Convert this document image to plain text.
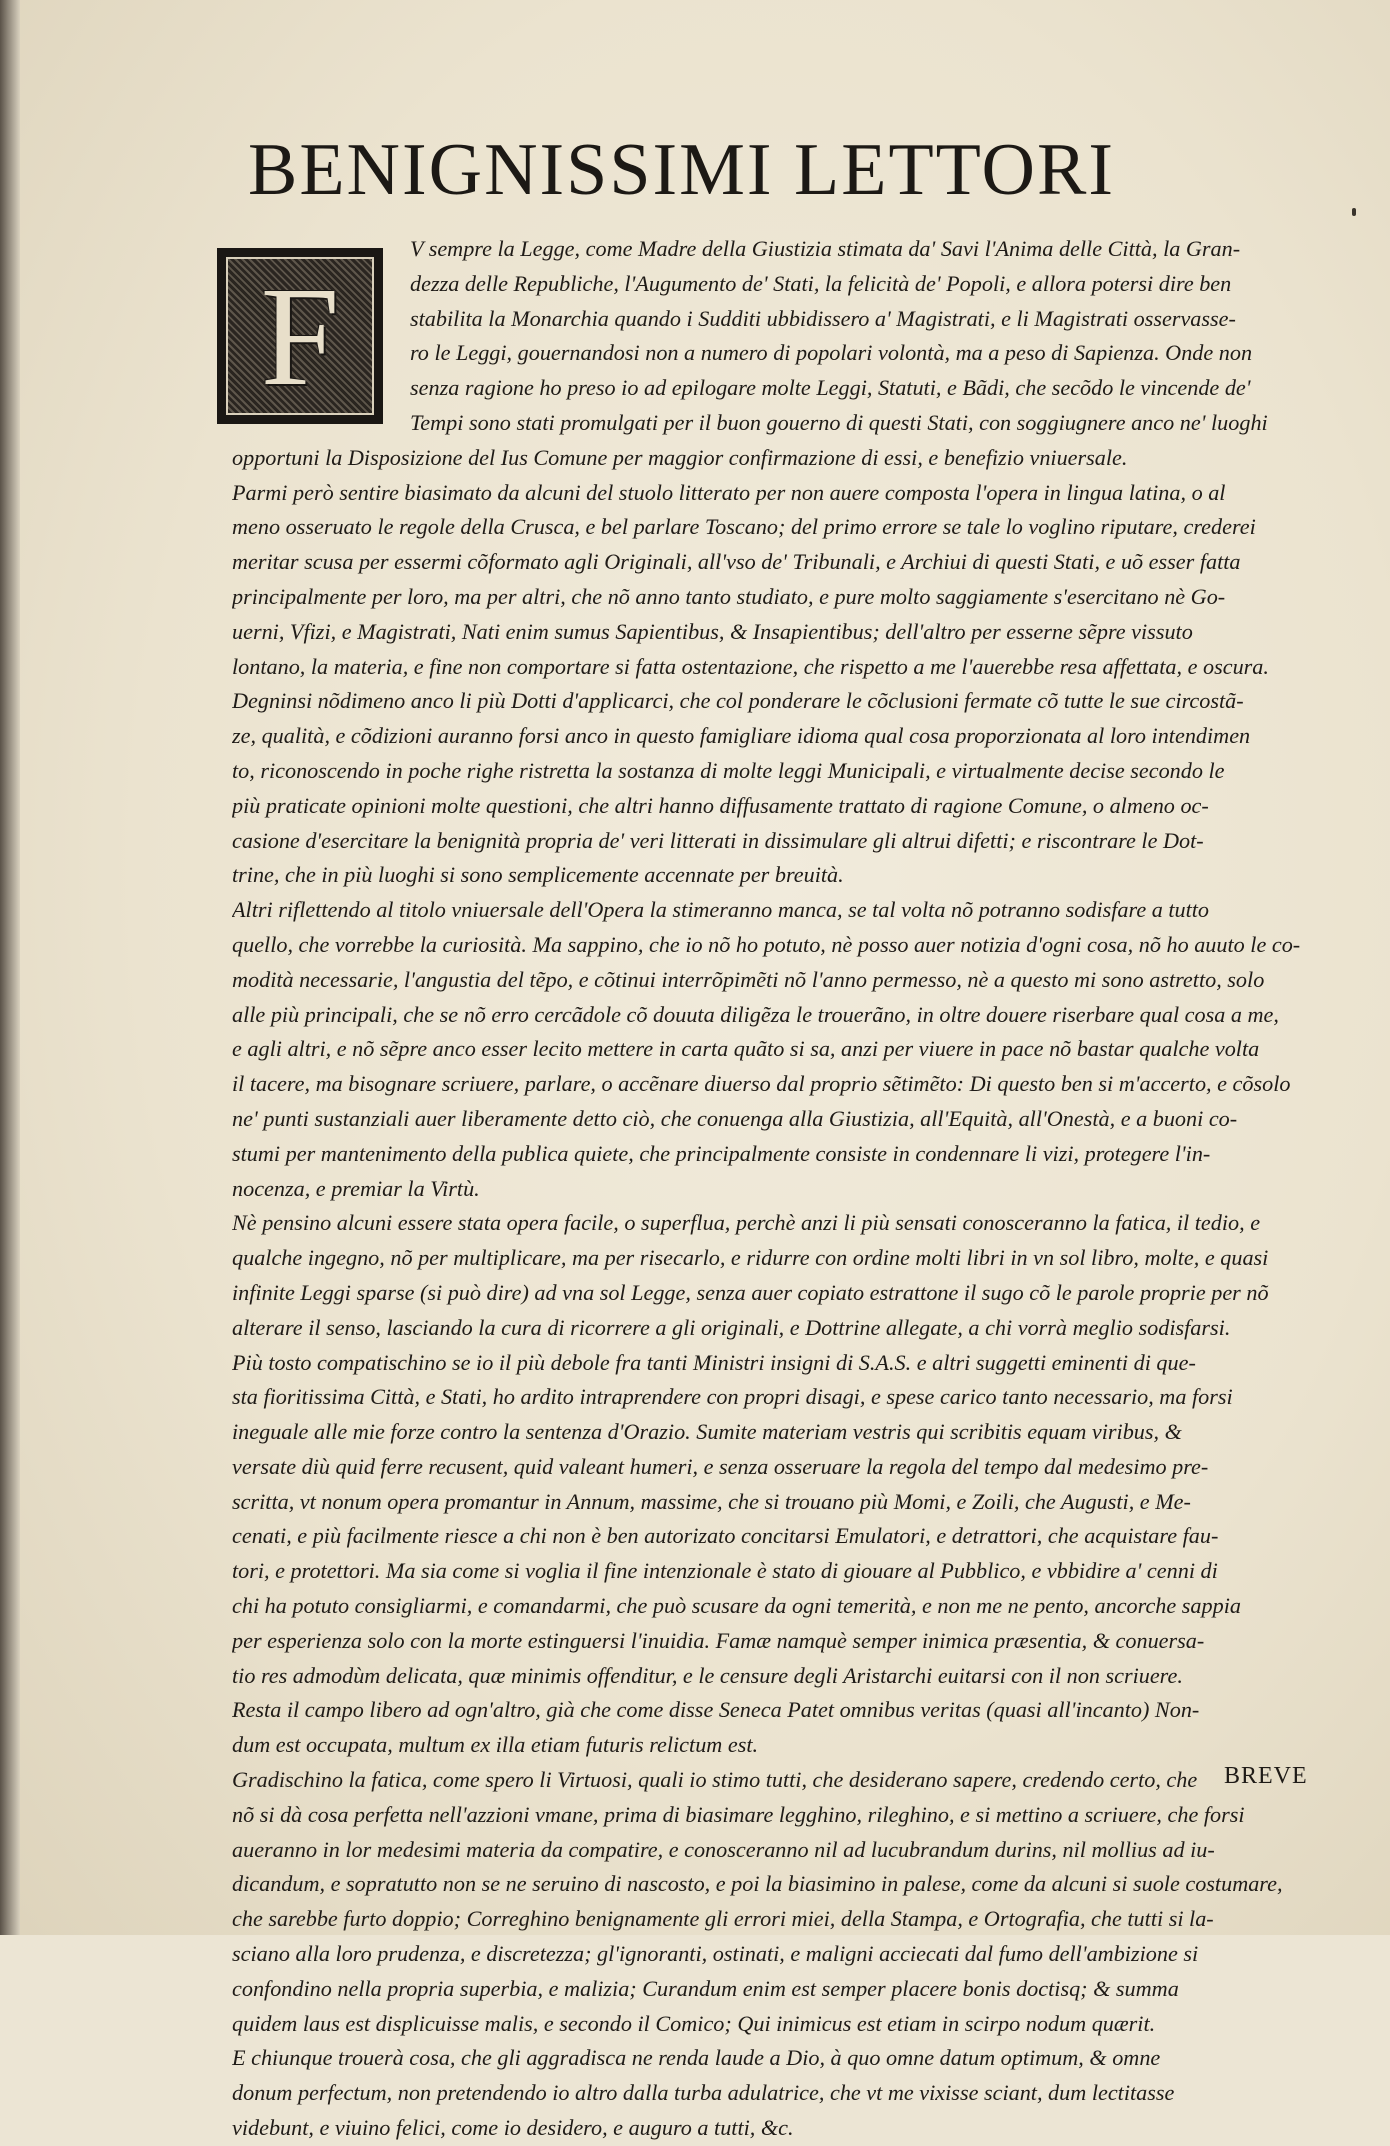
BENIGNISSIMI LETTORI
F
V sempre la Legge, come Madre della Giustizia stimata da' Savi l'Anima delle Città, la Gran-
dezza delle Republiche, l'Augumento de' Stati, la felicità de' Popoli, e allora potersi dire ben
stabilita la Monarchia quando i Sudditi ubbidissero a' Magistrati, e li Magistrati osservasse-
ro le Leggi, gouernandosi non a numero di popolari volontà, ma a peso di Sapienza. Onde non
senza ragione ho preso io ad epilogare molte Leggi, Statuti, e Bãdi, che secõdo le vincende de'
Tempi sono stati promulgati per il buon gouerno di questi Stati, con soggiugnere anco ne' luoghi
opportuni la Disposizione del Ius Comune per maggior confirmazione di essi, e benefizio vniuersale.
Parmi però sentire biasimato da alcuni del stuolo litterato per non auere composta l'opera in lingua latina, o al
meno osseruato le regole della Crusca, e bel parlare Toscano; del primo errore se tale lo voglino riputare, crederei
meritar scusa per essermi cõformato agli Originali, all'vso de' Tribunali, e Archiui di questi Stati, e uõ esser fatta
principalmente per loro, ma per altri, che nõ anno tanto studiato, e pure molto saggiamente s'esercitano nè Go-
uerni, Vfizi, e Magistrati, Nati enim sumus Sapientibus, & Insapientibus; dell'altro per esserne sẽpre vissuto
lontano, la materia, e fine non comportare si fatta ostentazione, che rispetto a me l'auerebbe resa affettata, e oscura.
Degninsi nõdimeno anco li più Dotti d'applicarci, che col ponderare le cõclusioni fermate cõ tutte le sue circostã-
ze, qualità, e cõdizioni auranno forsi anco in questo famigliare idioma qual cosa proporzionata al loro intendimen
to, riconoscendo in poche righe ristretta la sostanza di molte leggi Municipali, e virtualmente decise secondo le
più praticate opinioni molte questioni, che altri hanno diffusamente trattato di ragione Comune, o almeno oc-
casione d'esercitare la benignità propria de' veri litterati in dissimulare gli altrui difetti; e riscontrare le Dot-
trine, che in più luoghi si sono semplicemente accennate per breuità.
Altri riflettendo al titolo vniuersale dell'Opera la stimeranno manca, se tal volta nõ potranno sodisfare a tutto
quello, che vorrebbe la curiosità. Ma sappino, che io nõ ho potuto, nè posso auer notizia d'ogni cosa, nõ ho auuto le co-
modità necessarie, l'angustia del tẽpo, e cõtinui interrõpimẽti nõ l'anno permesso, nè a questo mi sono astretto, solo
alle più principali, che se nõ erro cercãdole cõ douuta diligẽza le trouerãno, in oltre douere riserbare qual cosa a me,
e agli altri, e nõ sẽpre anco esser lecito mettere in carta quãto si sa, anzi per viuere in pace nõ bastar qualche volta
il tacere, ma bisognare scriuere, parlare, o accẽnare diuerso dal proprio sẽtimẽto: Di questo ben si m'accerto, e cõsolo
ne' punti sustanziali auer liberamente detto ciò, che conuenga alla Giustizia, all'Equità, all'Onestà, e a buoni co-
stumi per mantenimento della publica quiete, che principalmente consiste in condennare li vizi, protegere l'in-
nocenza, e premiar la Virtù.
Nè pensino alcuni essere stata opera facile, o superflua, perchè anzi li più sensati conosceranno la fatica, il tedio, e
qualche ingegno, nõ per multiplicare, ma per risecarlo, e ridurre con ordine molti libri in vn sol libro, molte, e quasi
infinite Leggi sparse (si può dire) ad vna sol Legge, senza auer copiato estrattone il sugo cõ le parole proprie per nõ
alterare il senso, lasciando la cura di ricorrere a gli originali, e Dottrine allegate, a chi vorrà meglio sodisfarsi.
Più tosto compatischino se io il più debole fra tanti Ministri insigni di S.A.S. e altri suggetti eminenti di que-
sta fioritissima Città, e Stati, ho ardito intraprendere con propri disagi, e spese carico tanto necessario, ma forsi
ineguale alle mie forze contro la sentenza d'Orazio. Sumite materiam vestris qui scribitis equam viribus, &
versate diù quid ferre recusent, quid valeant humeri, e senza osseruare la regola del tempo dal medesimo pre-
scritta, vt nonum opera promantur in Annum, massime, che si trouano più Momi, e Zoili, che Augusti, e Me-
cenati, e più facilmente riesce a chi non è ben autorizato concitarsi Emulatori, e detrattori, che acquistare fau-
tori, e protettori. Ma sia come si voglia il fine intenzionale è stato di giouare al Pubblico, e vbbidire a' cenni di
chi ha potuto consigliarmi, e comandarmi, che può scusare da ogni temerità, e non me ne pento, ancorche sappia
per esperienza solo con la morte estinguersi l'inuidia. Famæ namquè semper inimica præsentia, & conuersa-
tio res admodùm delicata, quæ minimis offenditur, e le censure degli Aristarchi euitarsi con il non scriuere.
Resta il campo libero ad ogn'altro, già che come disse Seneca Patet omnibus veritas (quasi all'incanto) Non-
dum est occupata, multum ex illa etiam futuris relictum est.
Gradischino la fatica, come spero li Virtuosi, quali io stimo tutti, che desiderano sapere, credendo certo, che
nõ si dà cosa perfetta nell'azzioni vmane, prima di biasimare legghino, rileghino, e si mettino a scriuere, che forsi
aueranno in lor medesimi materia da compatire, e conosceranno nil ad lucubrandum durins, nil mollius ad iu-
dicandum, e sopratutto non se ne seruino di nascosto, e poi la biasimino in palese, come da alcuni si suole costumare,
che sarebbe furto doppio; Correghino benignamente gli errori miei, della Stampa, e Ortografia, che tutti si la-
sciano alla loro prudenza, e discretezza; gl'ignoranti, ostinati, e maligni acciecati dal fumo dell'ambizione si
confondino nella propria superbia, e malizia; Curandum enim est semper placere bonis doctisq; & summa
quidem laus est displicuisse malis, e secondo il Comico; Qui inimicus est etiam in scirpo nodum quærit.
E chiunque trouerà cosa, che gli aggradisca ne renda laude a Dio, à quo omne datum optimum, & omne
donum perfectum, non pretendendo io altro dalla turba adulatrice, che vt me vixisse sciant, dum lectitasse
videbunt, e viuino felici, come io desidero, e auguro a tutti, &c.
BREVE
